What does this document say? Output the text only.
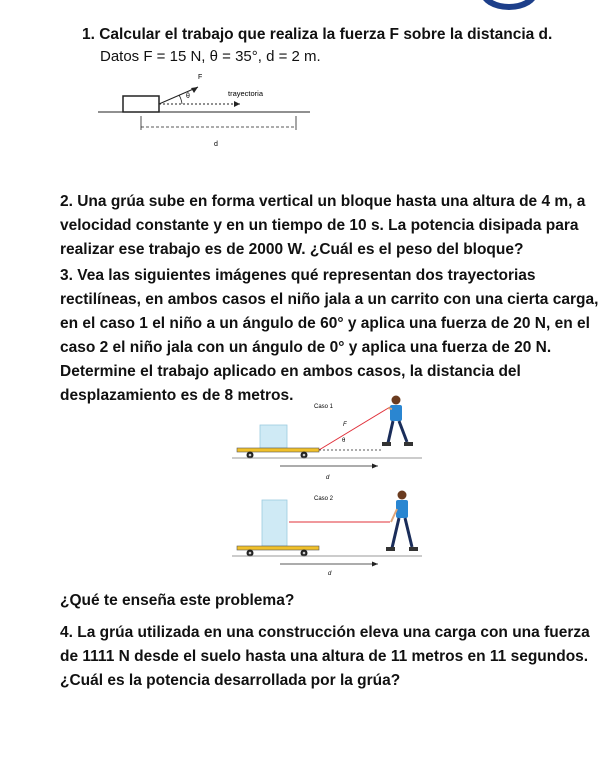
1. Calcular el trabajo que realiza la fuerza F sobre la distancia d.

Datos F = 15 N, θ = 35°, d = 2 m.

F
θ	trayectoria
d

2. Una grúa sube en forma vertical un bloque hasta una altura de 4 m, a velocidad constante y en un tiempo de 10 s. La potencia disipada para realizar ese trabajo es de 2000 W. ¿Cuál es el peso del bloque?

3. Vea las siguientes imágenes qué representan dos trayectorias rectilíneas, en ambos casos el niño jala a un carrito con una cierta carga, en el caso 1 el niño a un ángulo de 60° y aplica una fuerza de 20 N, en el caso 2 el niño jala con un ángulo de 0° y aplica una fuerza de 20 N. Determine el trabajo aplicado en ambos casos, la distancia del desplazamiento es de 8 metros.

Caso 1
F
θ
d
Caso 2
d

¿Qué te enseña este problema?

4. La grúa utilizada en una construcción eleva una carga con una fuerza de 1111 N desde el suelo hasta una altura de 11 metros en 11 segundos. ¿Cuál es la potencia desarrollada por la grúa?
